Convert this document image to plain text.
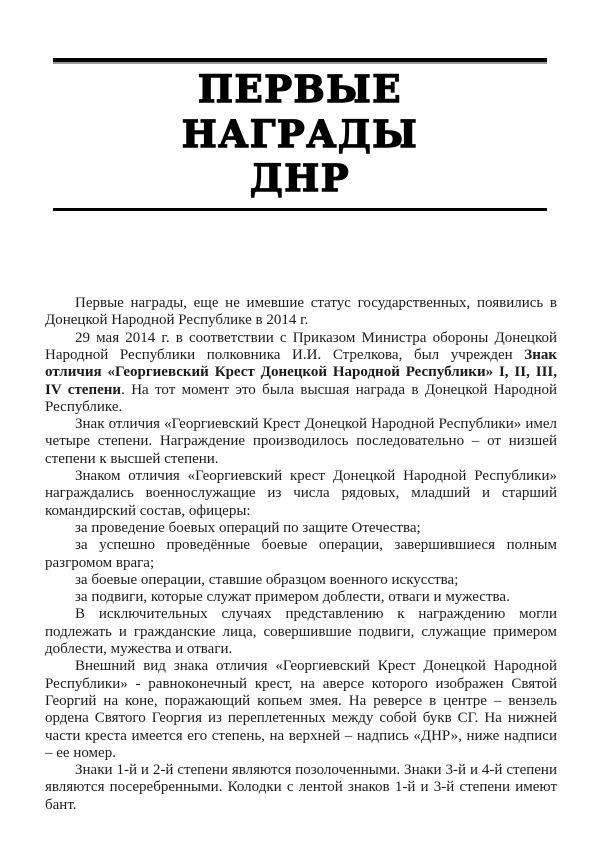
ПЕРВЫЕ
НАГРАДЫ
ДНР

Первые награды, еще не имевшие статус государственных, появились в Донецкой Народной Республике в 2014 г.

29 мая 2014 г. в соответствии с Приказом Министра обороны Донецкой Народной Республики полковника И.И. Стрелкова, был учрежден Знак отличия «Георгиевский Крест Донецкой Народной Республики» I, II, III, IV степени. На тот момент это была высшая награда в Донецкой Народной Республике.

Знак отличия «Георгиевский Крест Донецкой Народной Республики» имел четыре степени. Награждение производилось последовательно – от низшей степени к высшей степени.

Знаком отличия «Георгиевский крест Донецкой Народной Республики» награждались военнослужащие из числа рядовых, младший и старший командирский состав, офицеры:

за проведение боевых операций по защите Отечества;

за успешно проведённые боевые операции, завершившиеся полным разгромом врага;

за боевые операции, ставшие образцом военного искусства;

за подвиги, которые служат примером доблести, отваги и мужества.

В исключительных случаях представлению к награждению могли подлежать и гражданские лица, совершившие подвиги, служащие примером доблести, мужества и отваги.

Внешний вид знака отличия «Георгиевский Крест Донецкой Народной Республики» - равноконечный крест, на аверсе которого изображен Святой Георгий на коне, поражающий копьем змея. На реверсе в центре – вензель ордена Святого Георгия из переплетенных между собой букв СГ. На нижней части креста имеется его степень, на верхней – надпись «ДНР», ниже надписи – ее номер.

Знаки 1-й и 2-й степени являются позолоченными. Знаки 3-й и 4-й степени являются посеребренными. Колодки с лентой знаков 1-й и 3-й степени имеют бант.
